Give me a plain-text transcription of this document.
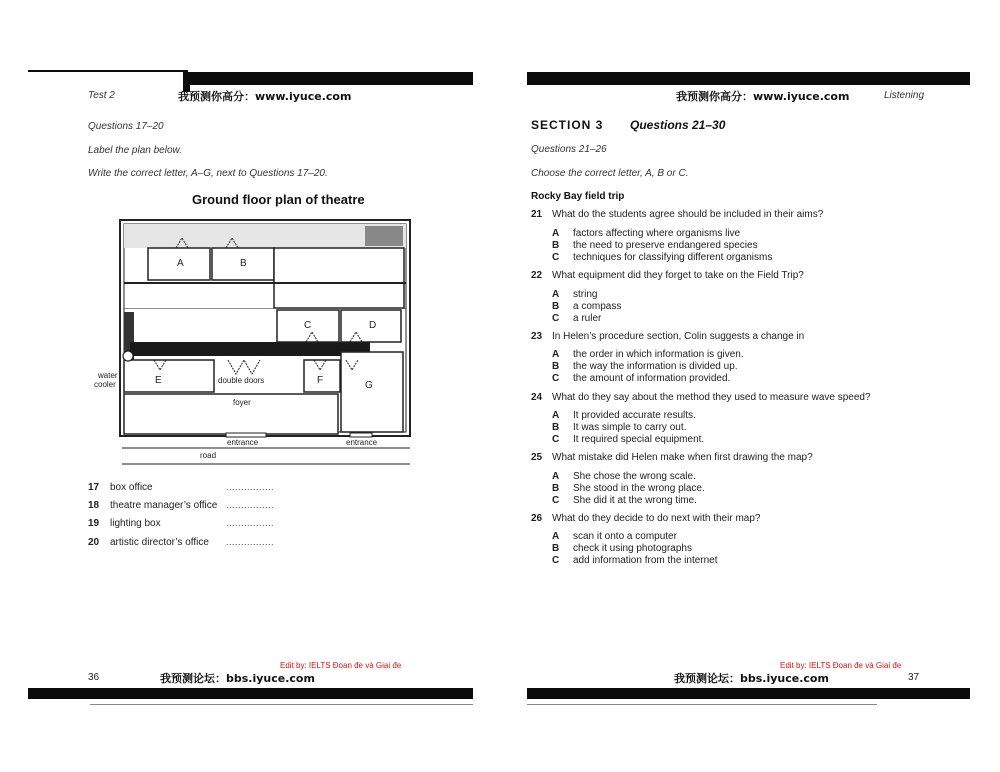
Test 2	我预测你高分：www.iyuce.com
Questions 17–20
Label the plan below.
Write the correct letter, A–G, next to Questions 17–20.
Ground floor plan of theatre
A	B
C	D
E	F	G
water
cooler	double doors
foyer
entrance	entrance
road
17 box office	................
18 theatre manager’s office ................
19 lighting box	................
20 artistic director’s office ................
Edit by: IELTS Đoan đe và Giai đe
36	我预测论坛：bbs.iyuce.com
我预测你高分：www.iyuce.com	Listening
SECTION 3 Questions 21–30
Questions 21–26
Choose the correct letter, A, B or C.
Rocky Bay field trip
21 What do the students agree should be included in their aims?
A factors affecting where organisms live
B the need to preserve endangered species
C techniques for classifying different organisms
22 What equipment did they forget to take on the Field Trip?
A string
B a compass
C a ruler
23 In Helen’s procedure section, Colin suggests a change in
A the order in which information is given.
B the way the information is divided up.
C the amount of information provided.
24 What do they say about the method they used to measure wave speed?
A It provided accurate results.
B It was simple to carry out.
C It required special equipment.
25 What mistake did Helen make when first drawing the map?
A She chose the wrong scale.
B She stood in the wrong place.
C She did it at the wrong time.
26 What do they decide to do next with their map?
A scan it onto a computer
B check it using photographs
C add information from the internet
Edit by: IELTS Đoan đe và Giai đe
我预测论坛：bbs.iyuce.com	37
